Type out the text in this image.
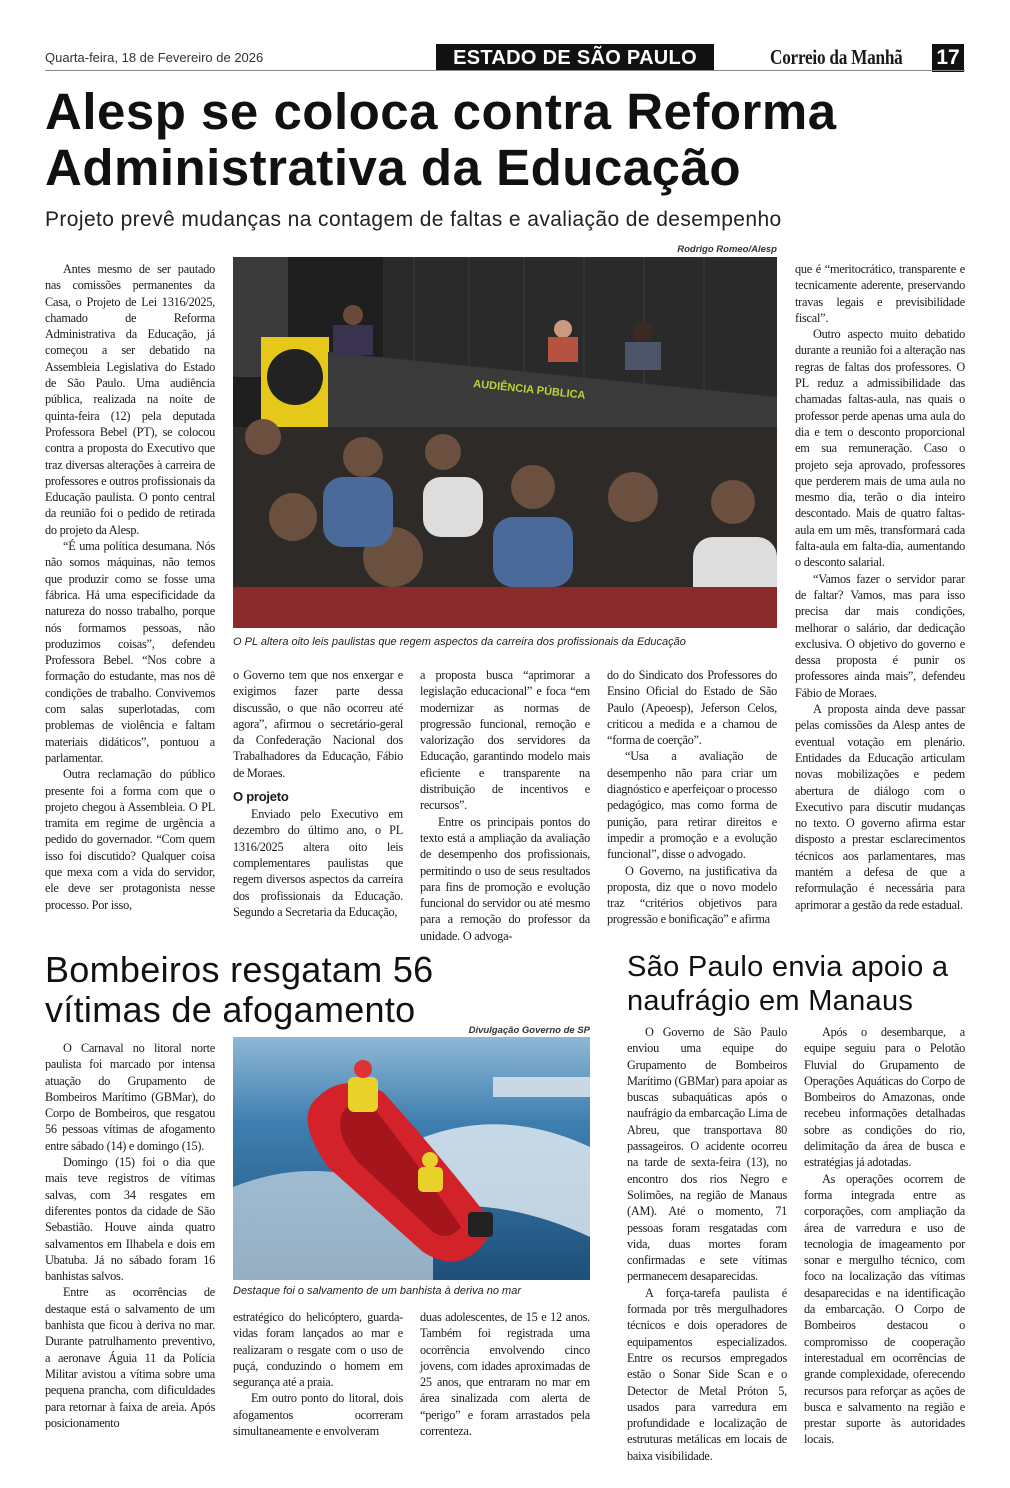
Quarta-feira, 18 de Fevereiro de 2026	ESTADO DE SÃO PAULO	Correio da Manhã 17
Alesp se coloca contra Reforma Administrativa da Educação
Projeto prevê mudanças na contagem de faltas e avaliação de desempenho
Rodrigo Romeo/Alesp
AUDIÊNCIA PÚBLICA
O PL altera oito leis paulistas que regem aspectos da carreira dos profissionais da Educação

Antes mesmo de ser pautado nas comissões permanentes da Casa, o Projeto de Lei 1316/2025, chamado de Reforma Administrativa da Educação, já começou a ser debatido na Assembleia Legislativa do Estado de São Paulo. Uma audiência pública, realizada na noite de quinta-feira (12) pela deputada Professora Bebel (PT), se colocou contra a proposta do Executivo que traz diversas alterações à carreira de professores e outros profissionais da Educação paulista. O ponto central da reunião foi o pedido de retirada do projeto da Alesp.

“É uma política desumana. Nós não somos máquinas, não temos que produzir como se fosse uma fábrica. Há uma especificidade da natureza do nosso trabalho, porque nós formamos pessoas, não produzimos coisas”, defendeu Professora Bebel. “Nos cobre a formação do estudante, mas nos dê condições de trabalho. Convivemos com salas superlotadas, com problemas de violência e faltam materiais didáticos”, pontuou a parlamentar.

Outra reclamação do público presente foi a forma com que o projeto chegou à Assembleia. O PL tramita em regime de urgência a pedido do governador. “Com quem isso foi discutido? Qualquer coisa que mexa com a vida do servidor, ele deve ser protagonista nesse processo. Por isso,

o Governo tem que nos enxergar e exigimos fazer parte dessa discussão, o que não ocorreu até agora”, afirmou o secretário-geral da Confederação Nacional dos Trabalhadores da Educação, Fábio de Moraes.

O projeto

Enviado pelo Executivo em dezembro do último ano, o PL 1316/2025 altera oito leis complementares paulistas que regem diversos aspectos da carreira dos profissionais da Educação. Segundo a Secretaria da Educação,

a proposta busca “aprimorar a legislação educacional” e foca “em modernizar as normas de progressão funcional, remoção e valorização dos servidores da Educação, garantindo modelo mais eficiente e transparente na distribuição de incentivos e recursos”.

Entre os principais pontos do texto está a ampliação da avaliação de desempenho dos profissionais, permitindo o uso de seus resultados para fins de promoção e evolução funcional do servidor ou até mesmo para a remoção do professor da unidade. O advoga-

do do Sindicato dos Professores do Ensino Oficial do Estado de São Paulo (Apeoesp), Jeferson Celos, criticou a medida e a chamou de “forma de coerção”.

“Usa a avaliação de desempenho não para criar um diagnóstico e aperfeiçoar o processo pedagógico, mas como forma de punição, para retirar direitos e impedir a promoção e a evolução funcional”, disse o advogado.

O Governo, na justificativa da proposta, diz que o novo modelo traz “critérios objetivos para progressão e bonificação” e afirma

que é “meritocrático, transparente e tecnicamente aderente, preservando travas legais e previsibilidade fiscal”.

Outro aspecto muito debatido durante a reunião foi a alteração nas regras de faltas dos professores. O PL reduz a admissibilidade das chamadas faltas-aula, nas quais o professor perde apenas uma aula do dia e tem o desconto proporcional em sua remuneração. Caso o projeto seja aprovado, professores que perderem mais de uma aula no mesmo dia, terão o dia inteiro descontado. Mais de quatro faltas-aula em um mês, transformará cada falta-aula em falta-dia, aumentando o desconto salarial.

“Vamos fazer o servidor parar de faltar? Vamos, mas para isso precisa dar mais condições, melhorar o salário, dar dedicação exclusiva. O objetivo do governo e dessa proposta é punir os professores ainda mais”, defendeu Fábio de Moraes.

A proposta ainda deve passar pelas comissões da Alesp antes de eventual votação em plenário. Entidades da Educação articulam novas mobilizações e pedem abertura de diálogo com o Executivo para discutir mudanças no texto. O governo afirma estar disposto a prestar esclarecimentos técnicos aos parlamentares, mas mantém a defesa de que a reformulação é necessária para aprimorar a gestão da rede estadual.

Bombeiros resgatam 56 vítimas de afogamento
Divulgação Governo de SP
Destaque foi o salvamento de um banhista à deriva no mar

O Carnaval no litoral norte paulista foi marcado por intensa atuação do Grupamento de Bombeiros Marítimo (GBMar), do Corpo de Bombeiros, que resgatou 56 pessoas vítimas de afogamento entre sábado (14) e domingo (15).

Domingo (15) foi o dia que mais teve registros de vítimas salvas, com 34 resgates em diferentes pontos da cidade de São Sebastião. Houve ainda quatro salvamentos em Ilhabela e dois em Ubatuba. Já no sábado foram 16 banhistas salvos.

Entre as ocorrências de destaque está o salvamento de um banhista que ficou à deriva no mar. Durante patrulhamento preventivo, a aeronave Águia 11 da Polícia Militar avistou a vítima sobre uma pequena prancha, com dificuldades para retornar à faixa de areia. Após posicionamento

estratégico do helicóptero, guarda-vidas foram lançados ao mar e realizaram o resgate com o uso de puçá, conduzindo o homem em segurança até a praia.

Em outro ponto do litoral, dois afogamentos ocorreram simultaneamente e envolveram

duas adolescentes, de 15 e 12 anos. Também foi registrada uma ocorrência envolvendo cinco jovens, com idades aproximadas de 25 anos, que entraram no mar em área sinalizada com alerta de “perigo” e foram arrastados pela correnteza.

São Paulo envia apoio a naufrágio em Manaus

O Governo de São Paulo enviou uma equipe do Grupamento de Bombeiros Marítimo (GBMar) para apoiar as buscas subaquáticas após o naufrágio da embarcação Lima de Abreu, que transportava 80 passageiros. O acidente ocorreu na tarde de sexta-feira (13), no encontro dos rios Negro e Solimões, na região de Manaus (AM). Até o momento, 71 pessoas foram resgatadas com vida, duas mortes foram confirmadas e sete vítimas permanecem desaparecidas.

A força-tarefa paulista é formada por três mergulhadores técnicos e dois operadores de equipamentos especializados. Entre os recursos empregados estão o Sonar Side Scan e o Detector de Metal Próton 5, usados para varredura em profundidade e localização de estruturas metálicas em locais de baixa visibilidade.

Após o desembarque, a equipe seguiu para o Pelotão Fluvial do Grupamento de Operações Aquáticas do Corpo de Bombeiros do Amazonas, onde recebeu informações detalhadas sobre as condições do rio, delimitação da área de busca e estratégias já adotadas.

As operações ocorrem de forma integrada entre as corporações, com ampliação da área de varredura e uso de tecnologia de imageamento por sonar e mergulho técnico, com foco na localização das vítimas desaparecidas e na identificação da embarcação. O Corpo de Bombeiros destacou o compromisso de cooperação interestadual em ocorrências de grande complexidade, oferecendo recursos para reforçar as ações de busca e salvamento na região e prestar suporte às autoridades locais.
